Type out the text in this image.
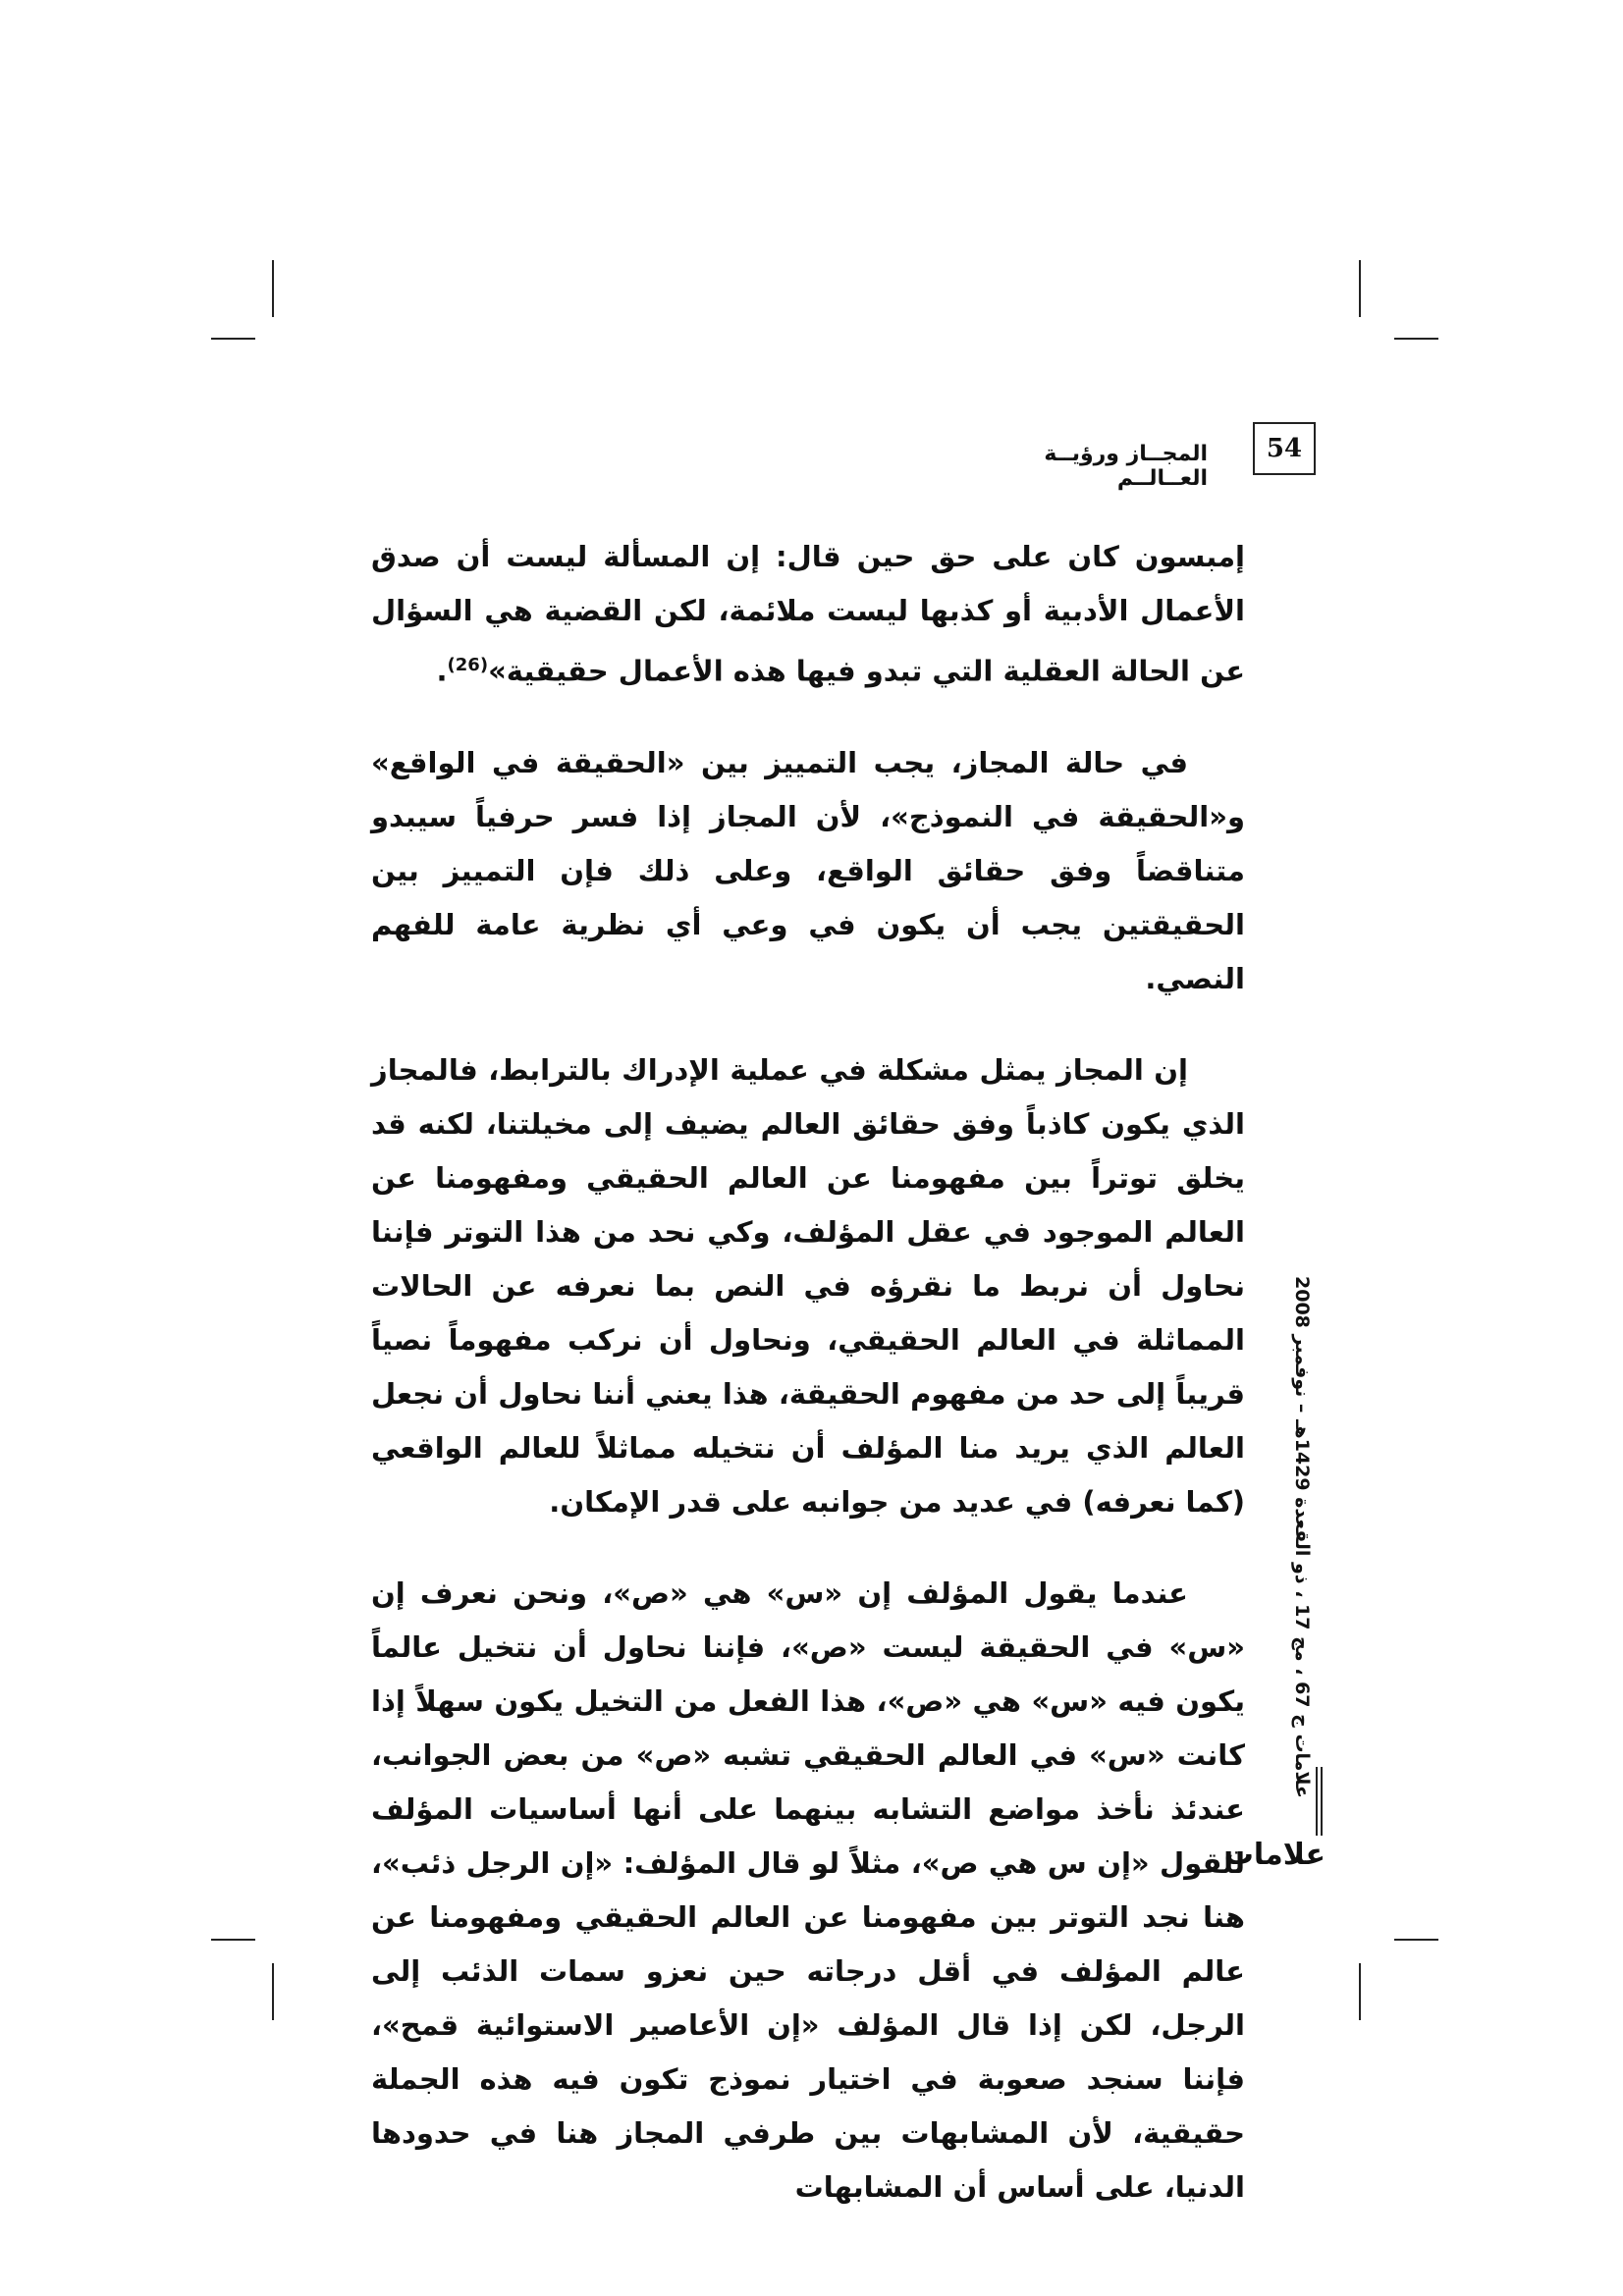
المجــاز ورؤيــة العــالــم
54

إمبسون كان على حق حين قال: إن المسألة ليست أن صدق الأعمال الأدبية أو كذبها ليست ملائمة، لكن القضية هي السؤال عن الحالة العقلية التي تبدو فيها هذه الأعمال حقيقية»$^{(26)}$.

في حالة المجاز، يجب التمييز بين «الحقيقة في الواقع» و«الحقيقة في النموذج»، لأن المجاز إذا فسر حرفياً سيبدو متناقضاً وفق حقائق الواقع، وعلى ذلك فإن التمييز بين الحقيقتين يجب أن يكون في وعي أي نظرية عامة للفهم النصي.

إن المجاز يمثل مشكلة في عملية الإدراك بالترابط، فالمجاز الذي يكون كاذباً وفق حقائق العالم يضيف إلى مخيلتنا، لكنه قد يخلق توتراً بين مفهومنا عن العالم الحقيقي ومفهومنا عن العالم الموجود في عقل المؤلف، وكي نحد من هذا التوتر فإننا نحاول أن نربط ما نقرؤه في النص بما نعرفه عن الحالات المماثلة في العالم الحقيقي، ونحاول أن نركب مفهوماً نصياً قريباً إلى حد من مفهوم الحقيقة، هذا يعني أننا نحاول أن نجعل العالم الذي يريد منا المؤلف أن نتخيله مماثلاً للعالم الواقعي (كما نعرفه) في عديد من جوانبه على قدر الإمكان.

عندما يقول المؤلف إن «س» هي «ص»، ونحن نعرف إن «س» في الحقيقة ليست «ص»، فإننا نحاول أن نتخيل عالماً يكون فيه «س» هي «ص»، هذا الفعل من التخيل يكون سهلاً إذا كانت «س» في العالم الحقيقي تشبه «ص» من بعض الجوانب، عندئذ نأخذ مواضع التشابه بينهما على أنها أساسيات المؤلف للقول «إن س هي ص»، مثلاً لو قال المؤلف: «إن الرجل ذئب»، هنا نجد التوتر بين مفهومنا عن العالم الحقيقي ومفهومنا عن عالم المؤلف في أقل درجاته حين نعزو سمات الذئب إلى الرجل، لكن إذا قال المؤلف «إن الأعاصير الاستوائية قمح»، فإننا سنجد صعوبة في اختيار نموذج تكون فيه هذه الجملة حقيقية، لأن المشابهات بين طرفي المجاز هنا في حدودها الدنيا، على أساس أن المشابهات

علامات ج 67 ، مج 17 ، ذو القعدة 1429هـ – نوفمبر 2008
علامات
